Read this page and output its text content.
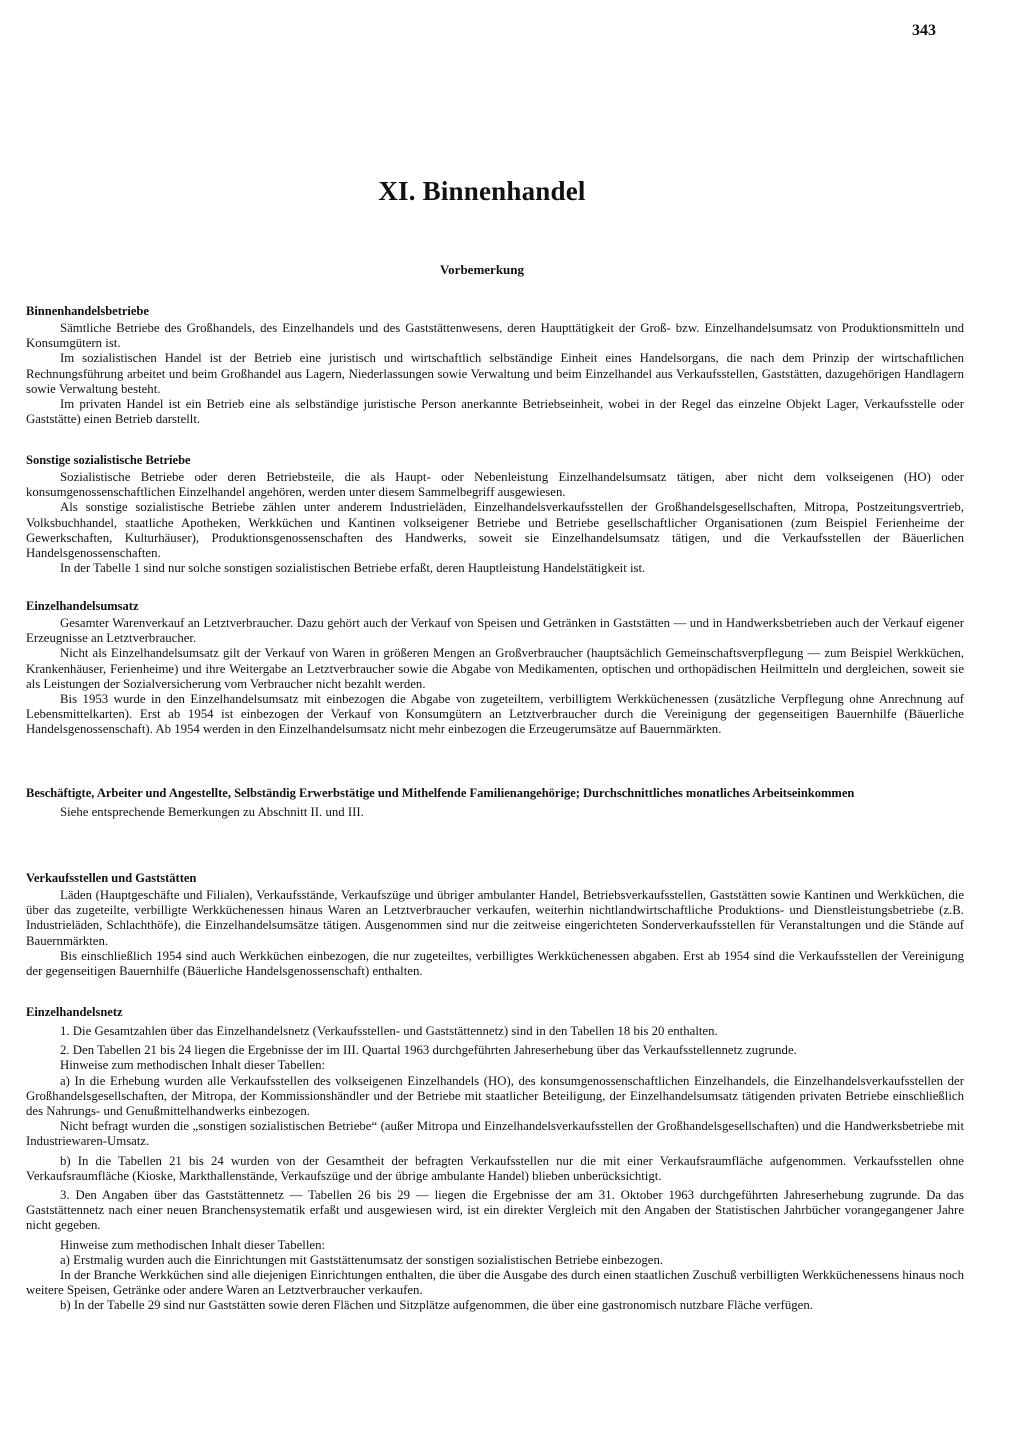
343
XI. Binnenhandel
Vorbemerkung
Binnenhandelsbetriebe

Sämtliche Betriebe des Großhandels, des Einzelhandels und des Gaststättenwesens, deren Haupttätigkeit der Groß- bzw. Einzelhandelsumsatz von Produktionsmitteln und Konsumgütern ist.

Im sozialistischen Handel ist der Betrieb eine juristisch und wirtschaftlich selbständige Einheit eines Handelsorgans, die nach dem Prinzip der wirtschaftlichen Rechnungsführung arbeitet und beim Großhandel aus Lagern, Niederlassungen sowie Verwaltung und beim Einzelhandel aus Verkaufsstellen, Gaststätten, dazugehörigen Handlagern sowie Verwaltung besteht.

Im privaten Handel ist ein Betrieb eine als selbständige juristische Person anerkannte Betriebseinheit, wobei in der Regel das einzelne Objekt Lager, Verkaufsstelle oder Gaststätte) einen Betrieb darstellt.

Sonstige sozialistische Betriebe

Sozialistische Betriebe oder deren Betriebsteile, die als Haupt- oder Nebenleistung Einzelhandelsumsatz tätigen, aber nicht dem volkseigenen (HO) oder konsumgenossenschaftlichen Einzelhandel angehören, werden unter diesem Sammelbegriff ausgewiesen.

Als sonstige sozialistische Betriebe zählen unter anderem Industrieläden, Einzelhandelsverkaufsstellen der Großhandelsgesellschaften, Mitropa, Postzeitungsvertrieb, Volksbuchhandel, staatliche Apotheken, Werkküchen und Kantinen volkseigener Betriebe und Betriebe gesellschaftlicher Organisationen (zum Beispiel Ferienheime der Gewerkschaften, Kulturhäuser), Produktionsgenossenschaften des Handwerks, soweit sie Einzelhandelsumsatz tätigen, und die Verkaufsstellen der Bäuerlichen Handelsgenossenschaften.

In der Tabelle 1 sind nur solche sonstigen sozialistischen Betriebe erfaßt, deren Hauptleistung Handelstätigkeit ist.

Einzelhandelsumsatz

Gesamter Warenverkauf an Letztverbraucher. Dazu gehört auch der Verkauf von Speisen und Getränken in Gaststätten — und in Handwerksbetrieben auch der Verkauf eigener Erzeugnisse an Letztverbraucher.

Nicht als Einzelhandelsumsatz gilt der Verkauf von Waren in größeren Mengen an Großverbraucher (hauptsächlich Gemeinschaftsverpflegung — zum Beispiel Werkküchen, Krankenhäuser, Ferienheime) und ihre Weitergabe an Letztverbraucher sowie die Abgabe von Medikamenten, optischen und orthopädischen Heilmitteln und dergleichen, soweit sie als Leistungen der Sozialversicherung vom Verbraucher nicht bezahlt werden.

Bis 1953 wurde in den Einzelhandelsumsatz mit einbezogen die Abgabe von zugeteiltem, verbilligtem Werkküchenessen (zusätzliche Verpflegung ohne Anrechnung auf Lebensmittelkarten). Erst ab 1954 ist einbezogen der Verkauf von Konsumgütern an Letztverbraucher durch die Vereinigung der gegenseitigen Bauernhilfe (Bäuerliche Handelsgenossenschaft). Ab 1954 werden in den Einzelhandelsumsatz nicht mehr einbezogen die Erzeugerumsätze auf Bauernmärkten.

Beschäftigte, Arbeiter und Angestellte, Selbständig Erwerbstätige und Mithelfende Familienangehörige; Durchschnittliches monatliches Arbeitseinkommen

Siehe entsprechende Bemerkungen zu Abschnitt II. und III.

Verkaufsstellen und Gaststätten

Läden (Hauptgeschäfte und Filialen), Verkaufsstände, Verkaufszüge und übriger ambulanter Handel, Betriebsverkaufsstellen, Gaststätten sowie Kantinen und Werkküchen, die über das zugeteilte, verbilligte Werkküchenessen hinaus Waren an Letztverbraucher verkaufen, weiterhin nichtlandwirtschaftliche Produktions- und Dienstleistungsbetriebe (z.B. Industrieläden, Schlachthöfe), die Einzelhandelsumsätze tätigen. Ausgenommen sind nur die zeitweise eingerichteten Sonderverkaufsstellen für Veranstaltungen und die Stände auf Bauernmärkten.

Bis einschließlich 1954 sind auch Werkküchen einbezogen, die nur zugeteiltes, verbilligtes Werkküchenessen abgaben. Erst ab 1954 sind die Verkaufsstellen der Vereinigung der gegenseitigen Bauernhilfe (Bäuerliche Handelsgenossenschaft) enthalten.

Einzelhandelsnetz

1. Die Gesamtzahlen über das Einzelhandelsnetz (Verkaufsstellen- und Gaststättennetz) sind in den Tabellen 18 bis 20 enthalten.

2. Den Tabellen 21 bis 24 liegen die Ergebnisse der im III. Quartal 1963 durchgeführten Jahreserhebung über das Verkaufsstellennetz zugrunde.

Hinweise zum methodischen Inhalt dieser Tabellen:

a) In die Erhebung wurden alle Verkaufsstellen des volkseigenen Einzelhandels (HO), des konsumgenossenschaftlichen Einzelhandels, die Einzelhandelsverkaufsstellen der Großhandelsgesellschaften, der Mitropa, der Kommissionshändler und der Betriebe mit staatlicher Beteiligung, der Einzelhandelsumsatz tätigenden privaten Betriebe einschließlich des Nahrungs- und Genußmittelhandwerks einbezogen.

Nicht befragt wurden die „sonstigen sozialistischen Betriebe“ (außer Mitropa und Einzelhandelsverkaufsstellen der Großhandelsgesellschaften) und die Handwerksbetriebe mit Industriewaren-Umsatz.

b) In die Tabellen 21 bis 24 wurden von der Gesamtheit der befragten Verkaufsstellen nur die mit einer Verkaufsraumfläche aufgenommen. Verkaufsstellen ohne Verkaufsraumfläche (Kioske, Markthallenstände, Verkaufszüge und der übrige ambulante Handel) blieben unberücksichtigt.

3. Den Angaben über das Gaststättennetz — Tabellen 26 bis 29 — liegen die Ergebnisse der am 31. Oktober 1963 durchgeführten Jahreserhebung zugrunde. Da das Gaststättennetz nach einer neuen Branchensystematik erfaßt und ausgewiesen wird, ist ein direkter Vergleich mit den Angaben der Statistischen Jahrbücher vorangegangener Jahre nicht gegeben.

Hinweise zum methodischen Inhalt dieser Tabellen:

a) Erstmalig wurden auch die Einrichtungen mit Gaststättenumsatz der sonstigen sozialistischen Betriebe einbezogen.

In der Branche Werkküchen sind alle diejenigen Einrichtungen enthalten, die über die Ausgabe des durch einen staatlichen Zuschuß verbilligten Werkküchenessens hinaus noch weitere Speisen, Getränke oder andere Waren an Letztverbraucher verkaufen.

b) In der Tabelle 29 sind nur Gaststätten sowie deren Flächen und Sitzplätze aufgenommen, die über eine gastronomisch nutzbare Fläche verfügen.
